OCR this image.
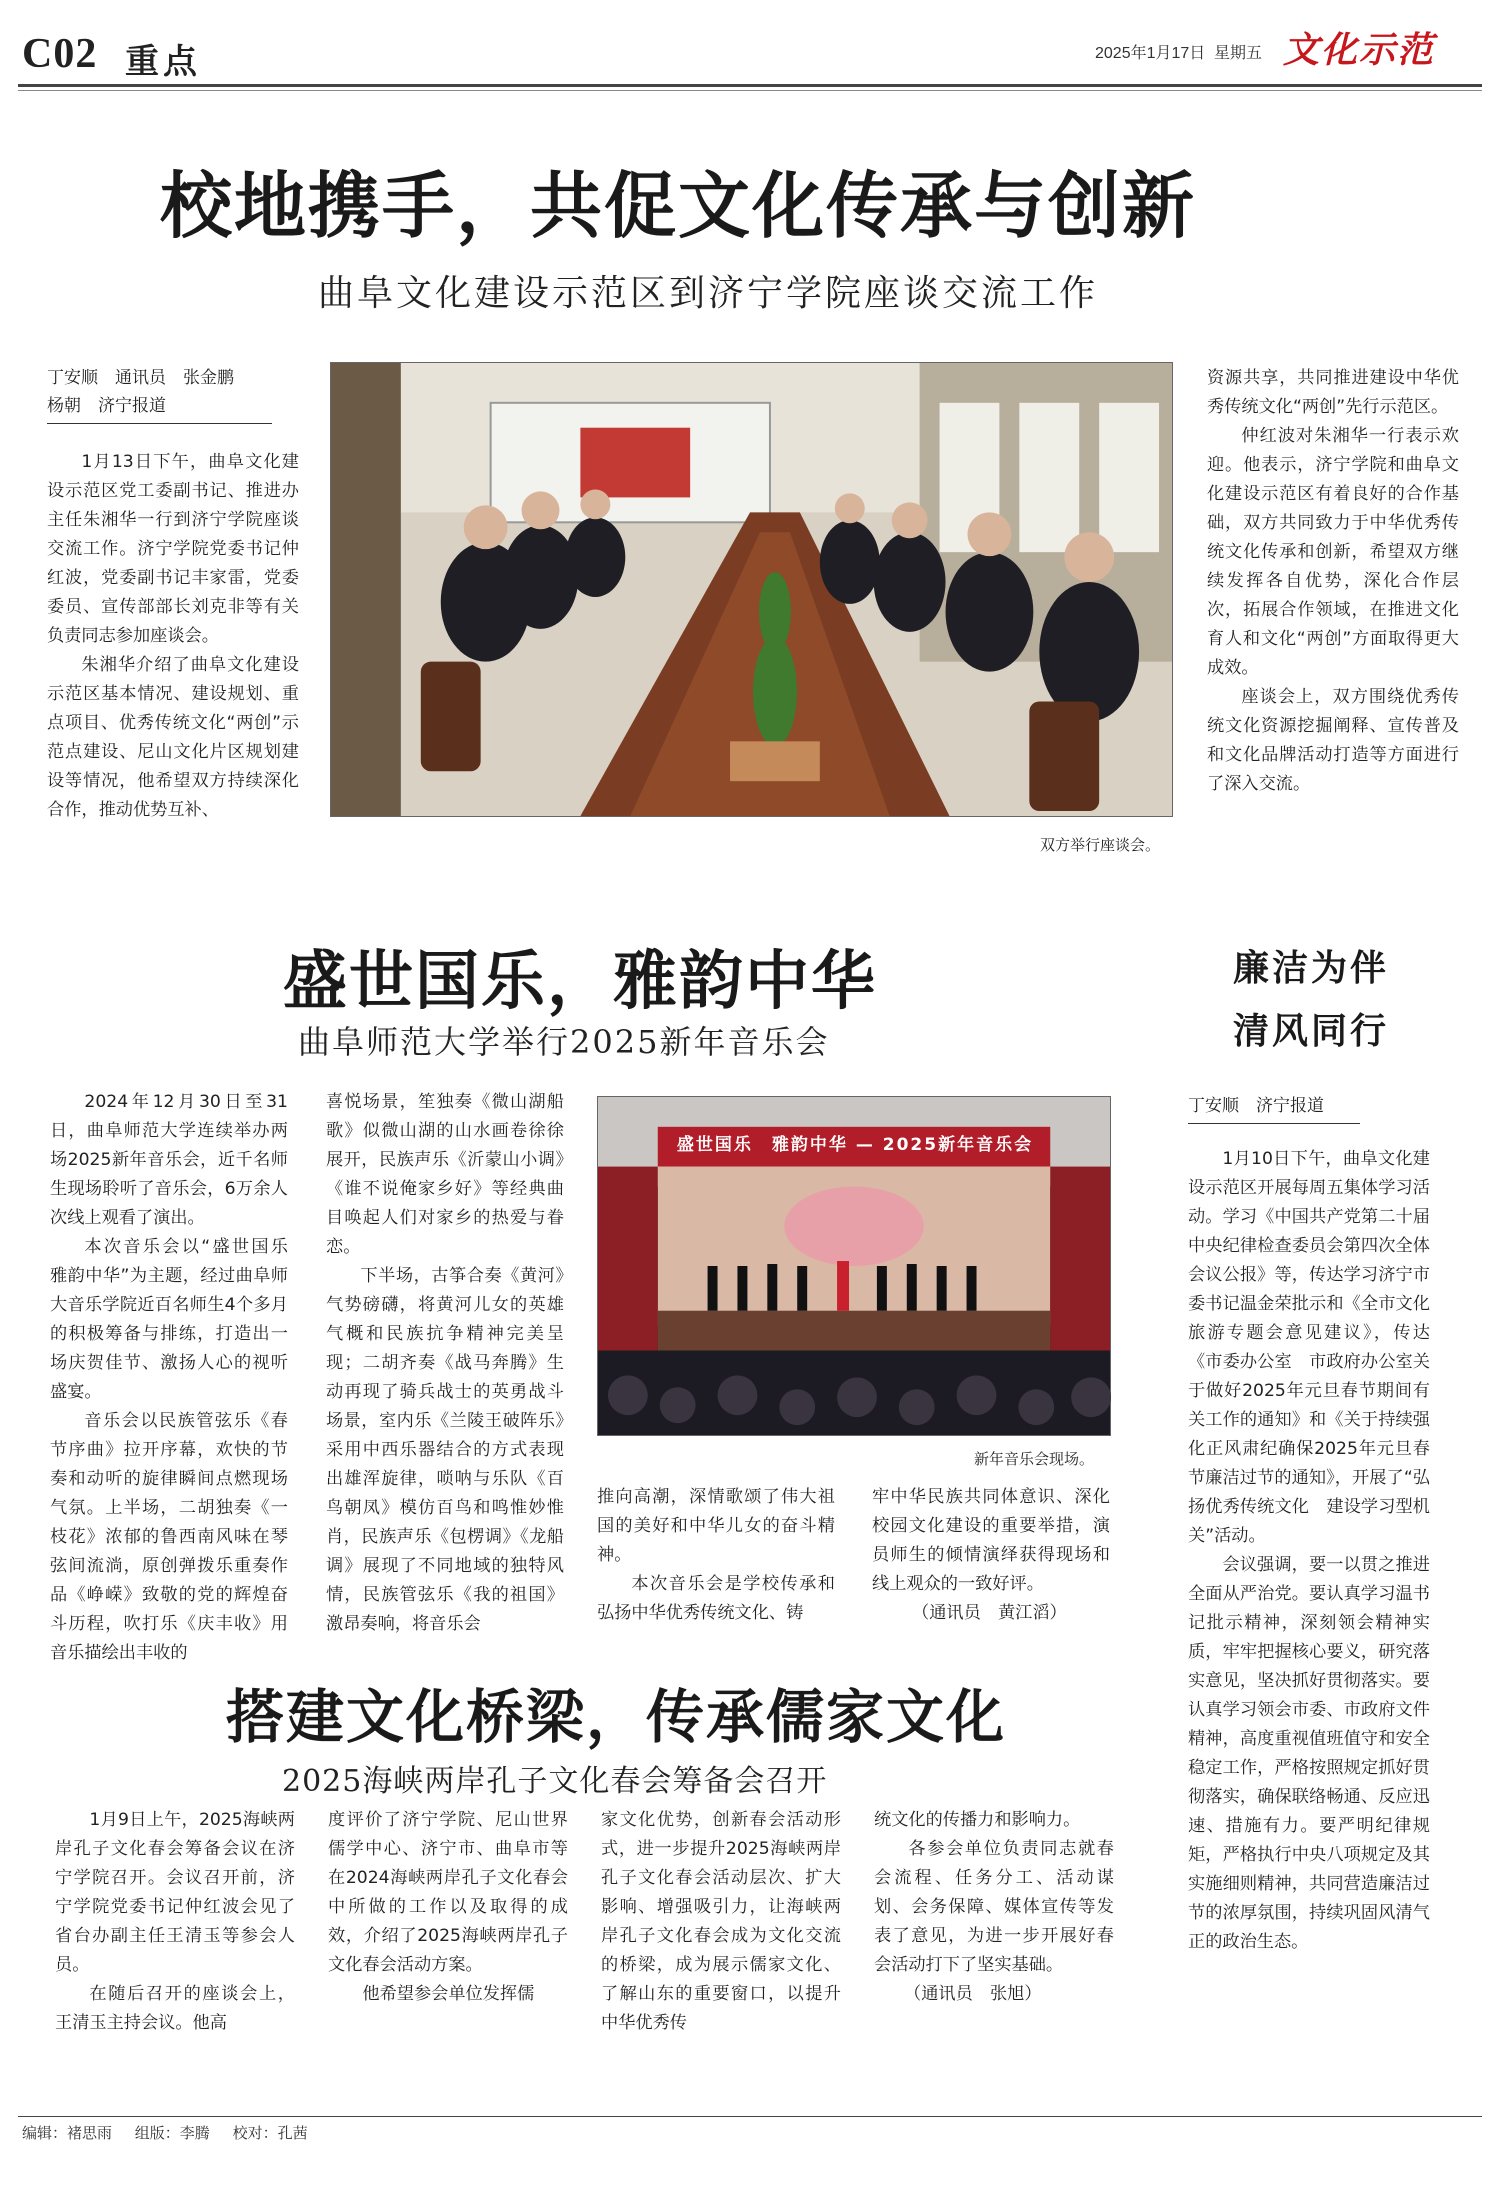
C02 重点	2025年1月17日 星期五 文化示范
校地携手，共促文化传承与创新
曲阜文化建设示范区到济宁学院座谈交流工作
丁安顺　通讯员　张金鹏
杨朝　济宁报道

1月13日下午，曲阜文化建设示范区党工委副书记、推进办主任朱湘华一行到济宁学院座谈交流工作。济宁学院党委书记仲红波，党委副书记丰家雷，党委委员、宣传部部长刘克非等有关负责同志参加座谈会。

朱湘华介绍了曲阜文化建设示范区基本情况、建设规划、重点项目、优秀传统文化“两创”示范点建设、尼山文化片区规划建设等情况，他希望双方持续深化合作，推动优势互补、

双方举行座谈会。

资源共享，共同推进建设中华优秀传统文化“两创”先行示范区。

仲红波对朱湘华一行表示欢迎。他表示，济宁学院和曲阜文化建设示范区有着良好的合作基础，双方共同致力于中华优秀传统文化传承和创新，希望双方继续发挥各自优势，深化合作层次，拓展合作领域，在推进文化育人和文化“两创”方面取得更大成效。

座谈会上，双方围绕优秀传统文化资源挖掘阐释、宣传普及和文化品牌活动打造等方面进行了深入交流。

盛世国乐，雅韵中华
曲阜师范大学举行2025新年音乐会

2024年12月30日至31日，曲阜师范大学连续举办两场2025新年音乐会，近千名师生现场聆听了音乐会，6万余人次线上观看了演出。

本次音乐会以“盛世国乐　雅韵中华”为主题，经过曲阜师大音乐学院近百名师生4个多月的积极筹备与排练，打造出一场庆贺佳节、激扬人心的视听盛宴。

音乐会以民族管弦乐《春节序曲》拉开序幕，欢快的节奏和动听的旋律瞬间点燃现场气氛。上半场，二胡独奏《一枝花》浓郁的鲁西南风味在琴弦间流淌，原创弹拨乐重奏作品《峥嵘》致敬的党的辉煌奋斗历程，吹打乐《庆丰收》用音乐描绘出丰收的

喜悦场景，笙独奏《微山湖船歌》似微山湖的山水画卷徐徐展开，民族声乐《沂蒙山小调》《谁不说俺家乡好》等经典曲目唤起人们对家乡的热爱与眷恋。

下半场，古筝合奏《黄河》气势磅礴，将黄河儿女的英雄气概和民族抗争精神完美呈现；二胡齐奏《战马奔腾》生动再现了骑兵战士的英勇战斗场景，室内乐《兰陵王破阵乐》采用中西乐器结合的方式表现出雄浑旋律，唢呐与乐队《百鸟朝凤》模仿百鸟和鸣惟妙惟肖，民族声乐《包楞调》《龙船调》展现了不同地域的独特风情，民族管弦乐《我的祖国》激昂奏响，将音乐会

盛世国乐　雅韵中华 — 2025新年音乐会
新年音乐会现场。

推向高潮，深情歌颂了伟大祖国的美好和中华儿女的奋斗精神。

本次音乐会是学校传承和弘扬中华优秀传统文化、铸

牢中华民族共同体意识、深化校园文化建设的重要举措，演员师生的倾情演绎获得现场和线上观众的一致好评。

（通讯员　黄江滔）

廉洁为伴
清风同行
丁安顺　济宁报道

1月10日下午，曲阜文化建设示范区开展每周五集体学习活动。学习《中国共产党第二十届中央纪律检查委员会第四次全体会议公报》等，传达学习济宁市委书记温金荣批示和《全市文化旅游专题会意见建议》，传达《市委办公室　市政府办公室关于做好2025年元旦春节期间有关工作的通知》和《关于持续强化正风肃纪确保2025年元旦春节廉洁过节的通知》，开展了“弘扬优秀传统文化　建设学习型机关”活动。

会议强调，要一以贯之推进全面从严治党。要认真学习温书记批示精神，深刻领会精神实质，牢牢把握核心要义，研究落实意见，坚决抓好贯彻落实。要认真学习领会市委、市政府文件精神，高度重视值班值守和安全稳定工作，严格按照规定抓好贯彻落实，确保联络畅通、反应迅速、措施有力。要严明纪律规矩，严格执行中央八项规定及其实施细则精神，共同营造廉洁过节的浓厚氛围，持续巩固风清气正的政治生态。

搭建文化桥梁，传承儒家文化
2025海峡两岸孔子文化春会筹备会召开

1月9日上午，2025海峡两岸孔子文化春会筹备会议在济宁学院召开。会议召开前，济宁学院党委书记仲红波会见了省台办副主任王清玉等参会人员。

在随后召开的座谈会上，王清玉主持会议。他高

度评价了济宁学院、尼山世界儒学中心、济宁市、曲阜市等在2024海峡两岸孔子文化春会中所做的工作以及取得的成效，介绍了2025海峡两岸孔子文化春会活动方案。

他希望参会单位发挥儒

家文化优势，创新春会活动形式，进一步提升2025海峡两岸孔子文化春会活动层次、扩大影响、增强吸引力，让海峡两岸孔子文化春会成为文化交流的桥梁，成为展示儒家文化、了解山东的重要窗口，以提升中华优秀传

统文化的传播力和影响力。

各参会单位负责同志就春会流程、任务分工、活动谋划、会务保障、媒体宣传等发表了意见，为进一步开展好春会活动打下了坚实基础。

（通讯员　张旭）

编辑：褚思雨 组版：李腾 校对：孔茜
